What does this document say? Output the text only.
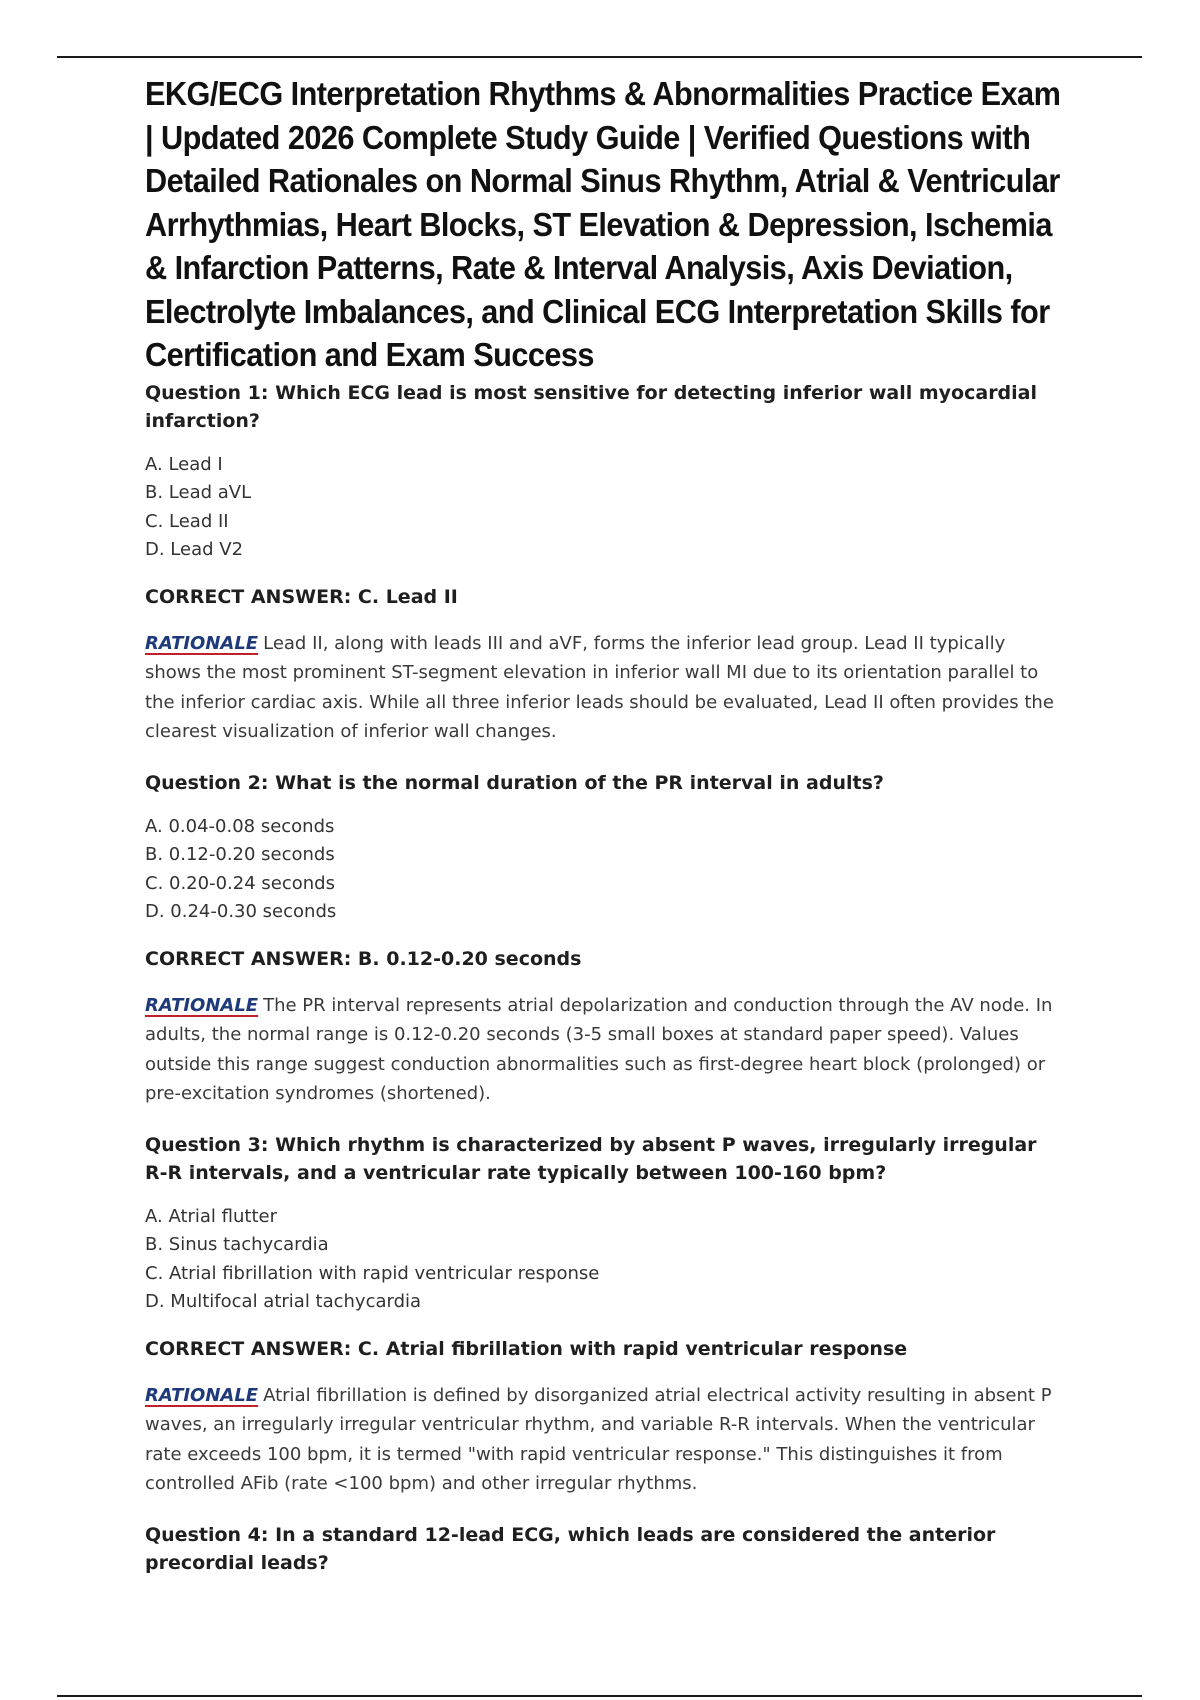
EKG/ECG Interpretation Rhythms & Abnormalities Practice Exam | Updated 2026 Complete Study Guide | Verified Questions with Detailed Rationales on Normal Sinus Rhythm, Atrial & Ventricular Arrhythmias, Heart Blocks, ST Elevation & Depression, Ischemia & Infarction Patterns, Rate & Interval Analysis, Axis Deviation, Electrolyte Imbalances, and Clinical ECG Interpretation Skills for Certification and Exam Success

Question 1: Which ECG lead is most sensitive for detecting inferior wall myocardial infarction?

A. Lead I
B. Lead aVL
C. Lead II
D. Lead V2

CORRECT ANSWER: C. Lead II

RATIONALE Lead II, along with leads III and aVF, forms the inferior lead group. Lead II typically shows the most prominent ST-segment elevation in inferior wall MI due to its orientation parallel to the inferior cardiac axis. While all three inferior leads should be evaluated, Lead II often provides the clearest visualization of inferior wall changes.

Question 2: What is the normal duration of the PR interval in adults?

A. 0.04-0.08 seconds
B. 0.12-0.20 seconds
C. 0.20-0.24 seconds
D. 0.24-0.30 seconds

CORRECT ANSWER: B. 0.12-0.20 seconds

RATIONALE The PR interval represents atrial depolarization and conduction through the AV node. In adults, the normal range is 0.12-0.20 seconds (3-5 small boxes at standard paper speed). Values outside this range suggest conduction abnormalities such as first-degree heart block (prolonged) or pre-excitation syndromes (shortened).

Question 3: Which rhythm is characterized by absent P waves, irregularly irregular R-R intervals, and a ventricular rate typically between 100-160 bpm?

A. Atrial flutter
B. Sinus tachycardia
C. Atrial fibrillation with rapid ventricular response
D. Multifocal atrial tachycardia

CORRECT ANSWER: C. Atrial fibrillation with rapid ventricular response

RATIONALE Atrial fibrillation is defined by disorganized atrial electrical activity resulting in absent P waves, an irregularly irregular ventricular rhythm, and variable R-R intervals. When the ventricular rate exceeds 100 bpm, it is termed "with rapid ventricular response." This distinguishes it from controlled AFib (rate <100 bpm) and other irregular rhythms.

Question 4: In a standard 12-lead ECG, which leads are considered the anterior precordial leads?
